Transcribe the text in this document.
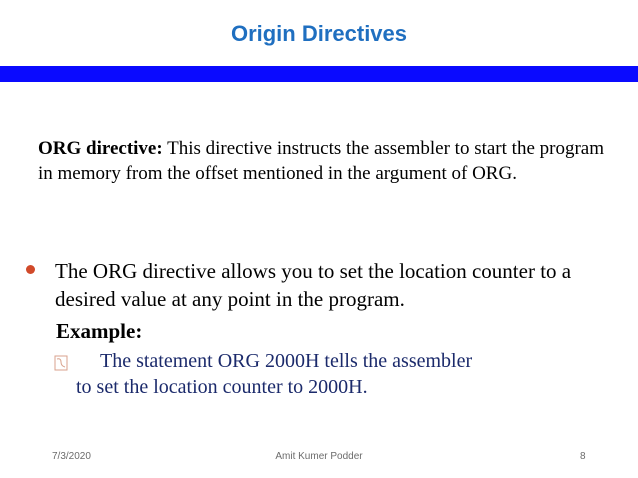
Origin Directives
ORG directive: This directive instructs the assembler to start the program in memory from the offset mentioned in the argument of ORG.
The ORG directive allows you to set the location counter to a desired value at any point in the program.
Example:
The statement ORG 2000H tells the assembler
to set the location counter to 2000H.
7/3/2020	Amit Kumer Podder	8
